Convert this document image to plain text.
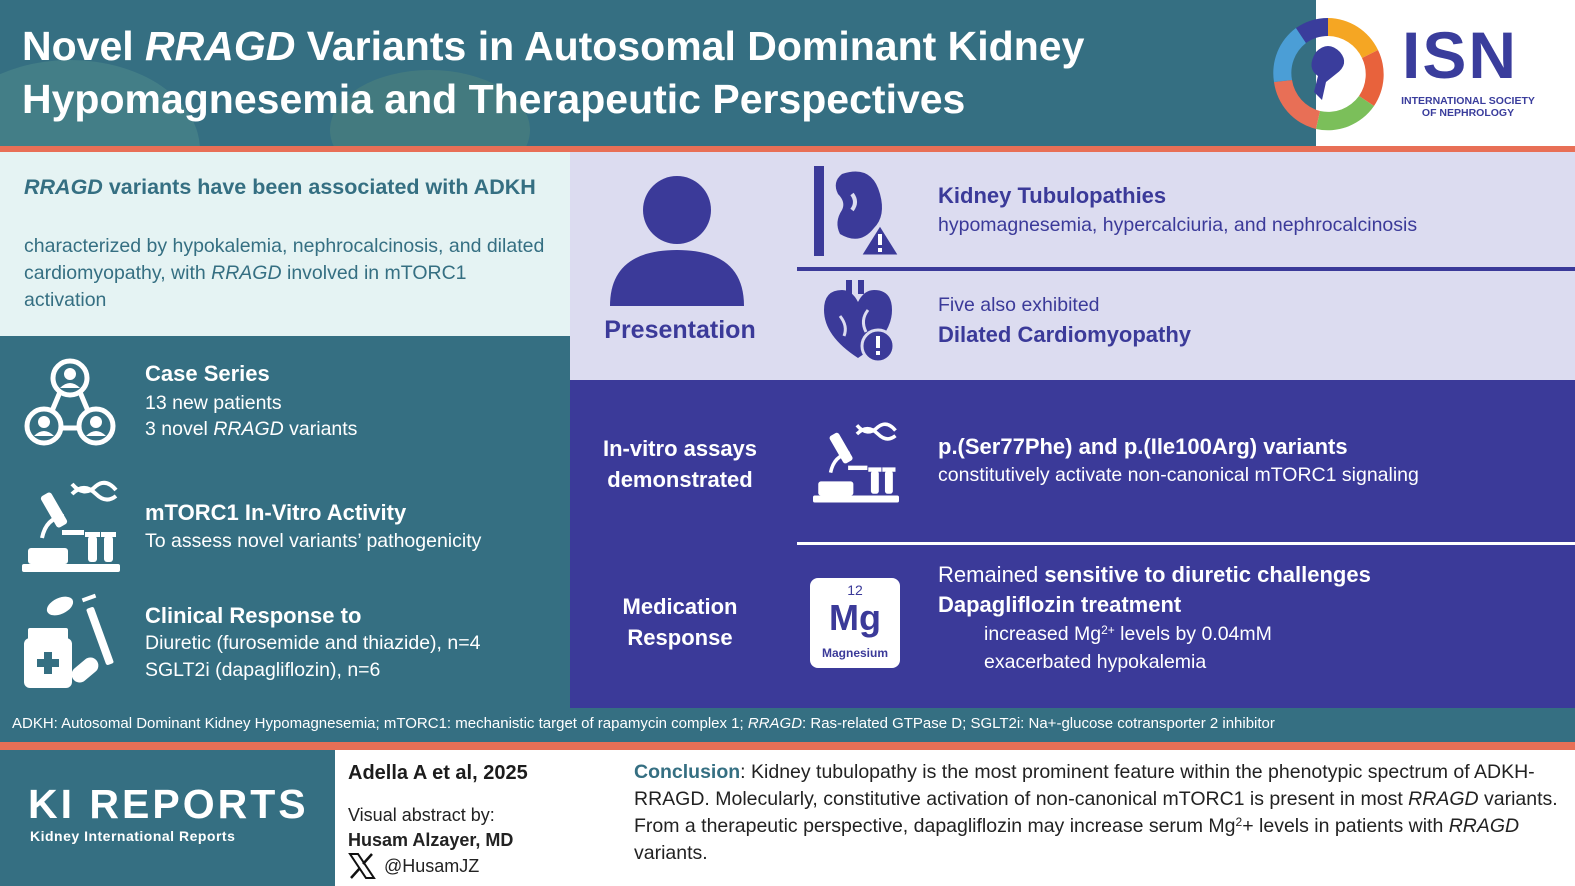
Novel RRAGD Variants in Autosomal Dominant Kidney Hypomagnesemia and Therapeutic Perspectives
ISN
INTERNATIONAL SOCIETY OF NEPHROLOGY
RRAGD variants have been associated with ADKH
characterized by hypokalemia, nephrocalcinosis, and dilated cardiomyopathy, with RRAGD involved in mTORC1 activation
Case Series
13 new patients
3 novel RRAGD variants
mTORC1 In-Vitro Activity
To assess novel variants’ pathogenicity
Clinical Response to
Diuretic (furosemide and thiazide), n=4
SGLT2i (dapagliflozin), n=6
Presentation
Kidney Tubulopathies
hypomagnesemia, hypercalciuria, and nephrocalcinosis
Five also exhibited
Dilated Cardiomyopathy
In-vitro assays
demonstrated
p.(Ser77Phe) and p.(Ile100Arg) variants
constitutively activate non-canonical mTORC1 signaling
Medication
Response
12
Mg
Magnesium
Remained sensitive to diuretic challenges
Dapagliflozin treatment
increased $Mg^{2+}$ levels by 0.04mM
exacerbated hypokalemia
ADKH: Autosomal Dominant Kidney Hypomagnesemia; mTORC1: mechanistic target of rapamycin complex 1; RRAGD: Ras-related GTPase D; SGLT2i: Na+-glucose cotransporter 2 inhibitor
KI REPORTS
Kidney International Reports
Adella A et al, 2025
Visual abstract by:
Husam Alzayer, MD
@HusamJZ
Conclusion: Kidney tubulopathy is the most prominent feature within the phenotypic spectrum of ADKH-RRAGD. Molecularly, constitutive activation of non-canonical mTORC1 is present in most RRAGD variants. From a therapeutic perspective, dapagliflozin may increase serum $Mg^2+$ levels in patients with RRAGD variants.
